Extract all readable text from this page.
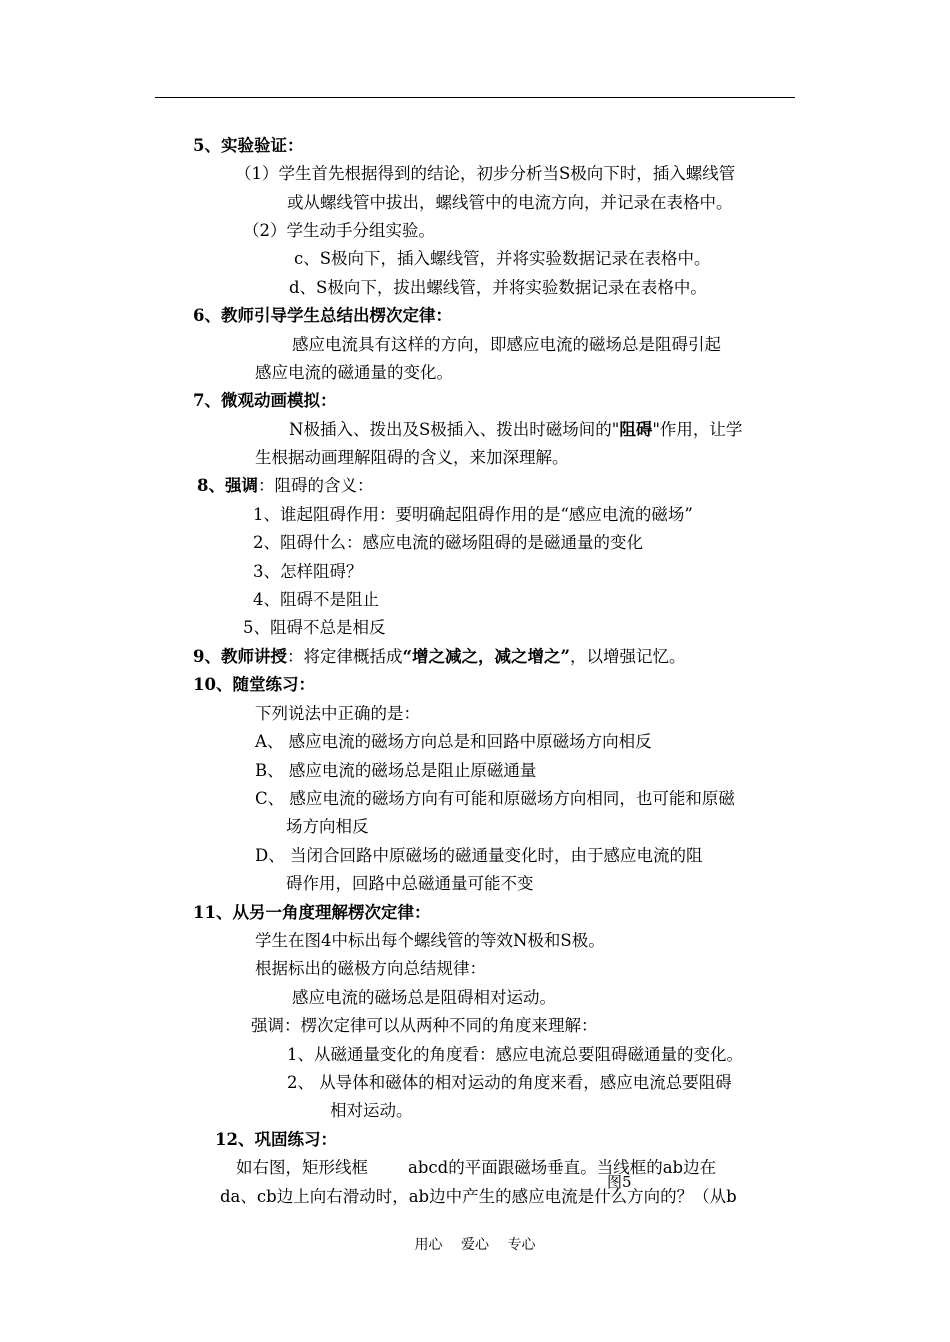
5、实验验证：
（1）学生首先根据得到的结论，初步分析当S极向下时，插入螺线管
或从螺线管中拔出，螺线管中的电流方向，并记录在表格中。
（2）学生动手分组实验。
c、S极向下，插入螺线管，并将实验数据记录在表格中。
d、S极向下，拔出螺线管，并将实验数据记录在表格中。
6、教师引导学生总结出楞次定律：
感应电流具有这样的方向，即感应电流的磁场总是阻碍引起
感应电流的磁通量的变化。
7、微观动画模拟：
N极插入、拨出及S极插入、拨出时磁场间的"阻碍"作用，让学
生根据动画理解阻碍的含义，来加深理解。
8、强调：阻碍的含义：
1、谁起阻碍作用：要明确起阻碍作用的是“感应电流的磁场”
2、阻碍什么：感应电流的磁场阻碍的是磁通量的变化
3、怎样阻碍？
4、阻碍不是阻止
5、阻碍不总是相反
9、教师讲授：将定律概括成“增之减之，减之增之”，以增强记忆。
10、随堂练习：
下列说法中正确的是：
A、 感应电流的磁场方向总是和回路中原磁场方向相反
B、 感应电流的磁场总是阻止原磁通量
C、 感应电流的磁场方向有可能和原磁场方向相同，也可能和原磁
场方向相反
D、 当闭合回路中原磁场的磁通量变化时，由于感应电流的阻
碍作用，回路中总磁通量可能不变
11、从另一角度理解楞次定律：
学生在图4中标出每个螺线管的等效N极和S极。
根据标出的磁极方向总结规律：
感应电流的磁场总是阻碍相对运动。
强调：楞次定律可以从两种不同的角度来理解：
1、从磁通量变化的角度看：感应电流总要阻碍磁通量的变化。
2、 从导体和磁体的相对运动的角度来看，感应电流总要阻碍
相对运动。
12、巩固练习：
如右图，矩形线框 abcd的平面跟磁场垂直。当线框的ab边在
da、cb边上向右滑动时，ab边中产生的感应电流是什么方向的？（从b
图5
用心 爱心 专心
